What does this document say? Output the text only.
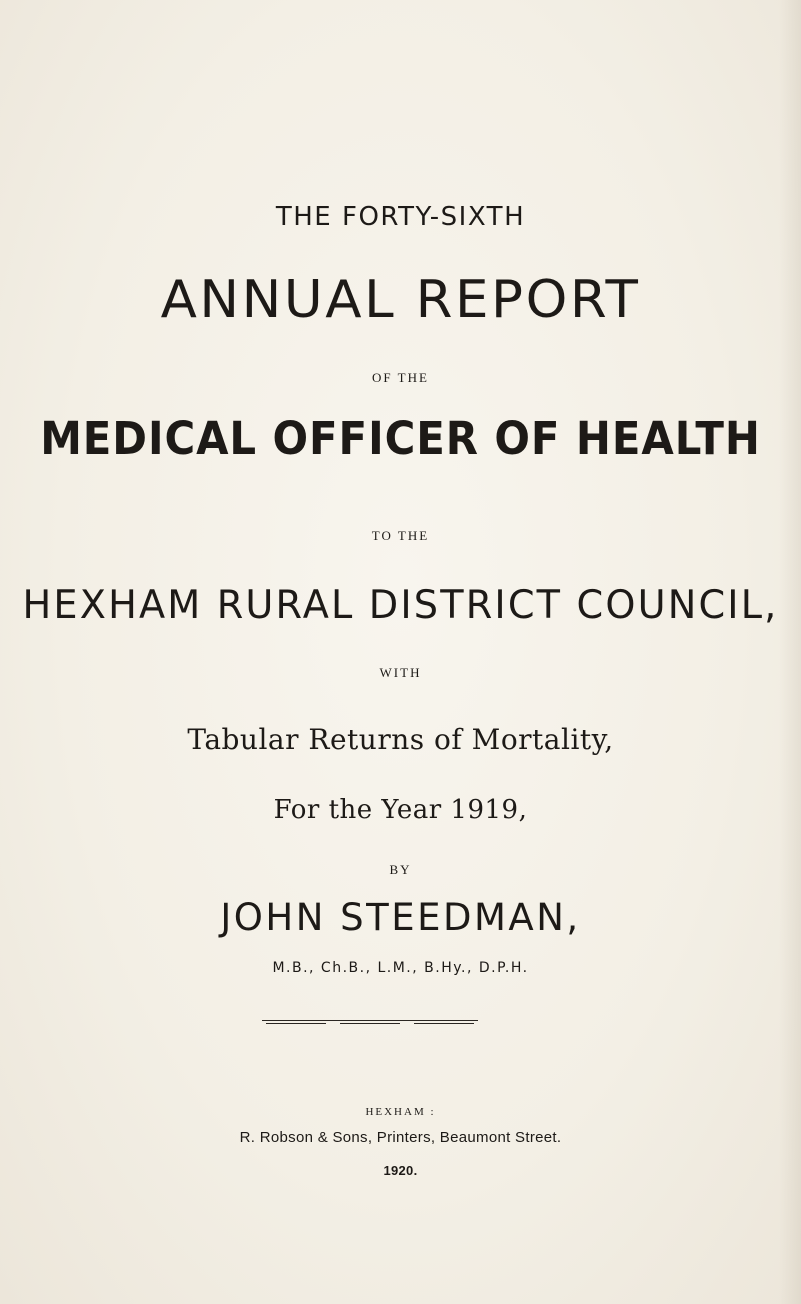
THE FORTY-SIXTH

ANNUAL REPORT

OF THE

MEDICAL OFFICER OF HEALTH

TO THE

HEXHAM RURAL DISTRICT COUNCIL,

WITH

Tabular Returns of Mortality,

For the Year 1919,

BY

JOHN STEEDMAN,

M.B., Ch.B., L.M., B.Hy., D.P.H.

HEXHAM :

R. Robson & Sons, Printers, Beaumont Street.

1920.
